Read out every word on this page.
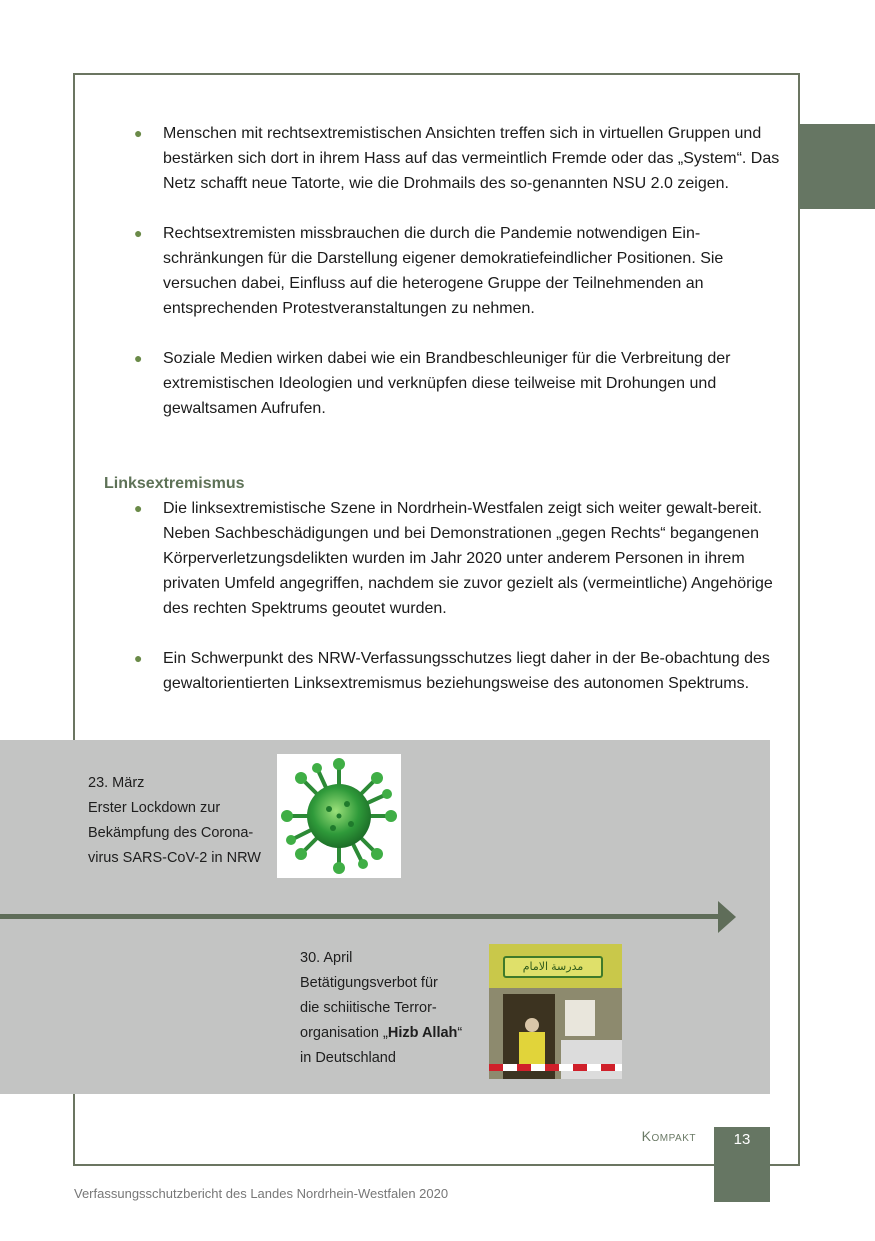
● Menschen mit rechtsextremistischen Ansichten treffen sich in virtuellen Gruppen und bestärken sich dort in ihrem Hass auf das vermeintlich Fremde oder das „System“. Das Netz schafft neue Tatorte, wie die Drohmails des so-genannten NSU 2.0 zeigen.
● Rechtsextremisten missbrauchen die durch die Pandemie notwendigen Ein-schränkungen für die Darstellung eigener demokratiefeindlicher Positionen. Sie versuchen dabei, Einfluss auf die heterogene Gruppe der Teilnehmenden an entsprechenden Protestveranstaltungen zu nehmen.
● Soziale Medien wirken dabei wie ein Brandbeschleuniger für die Verbreitung der extremistischen Ideologien und verknüpfen diese teilweise mit Drohungen und gewaltsamen Aufrufen.
Linksextremismus
● Die linksextremistische Szene in Nordrhein-Westfalen zeigt sich weiter gewalt-bereit. Neben Sachbeschädigungen und bei Demonstrationen „gegen Rechts“ begangenen Körperverletzungsdelikten wurden im Jahr 2020 unter anderem Personen in ihrem privaten Umfeld angegriffen, nachdem sie zuvor gezielt als (vermeintliche) Angehörige des rechten Spektrums geoutet wurden.
● Ein Schwerpunkt des NRW-Verfassungsschutzes liegt daher in der Be-obachtung des gewaltorientierten Linksextremismus beziehungsweise des autonomen Spektrums.
23. März
Erster Lockdown zur
Bekämpfung des Corona-
virus SARS-CoV-2 in NRW
30. April
Betätigungsverbot für
die schiitische Terror-
organisation „Hizb Allah“
in Deutschland
مدرسة الامام
Kompakt	13
Verfassungsschutzbericht des Landes Nordrhein-Westfalen 2020
